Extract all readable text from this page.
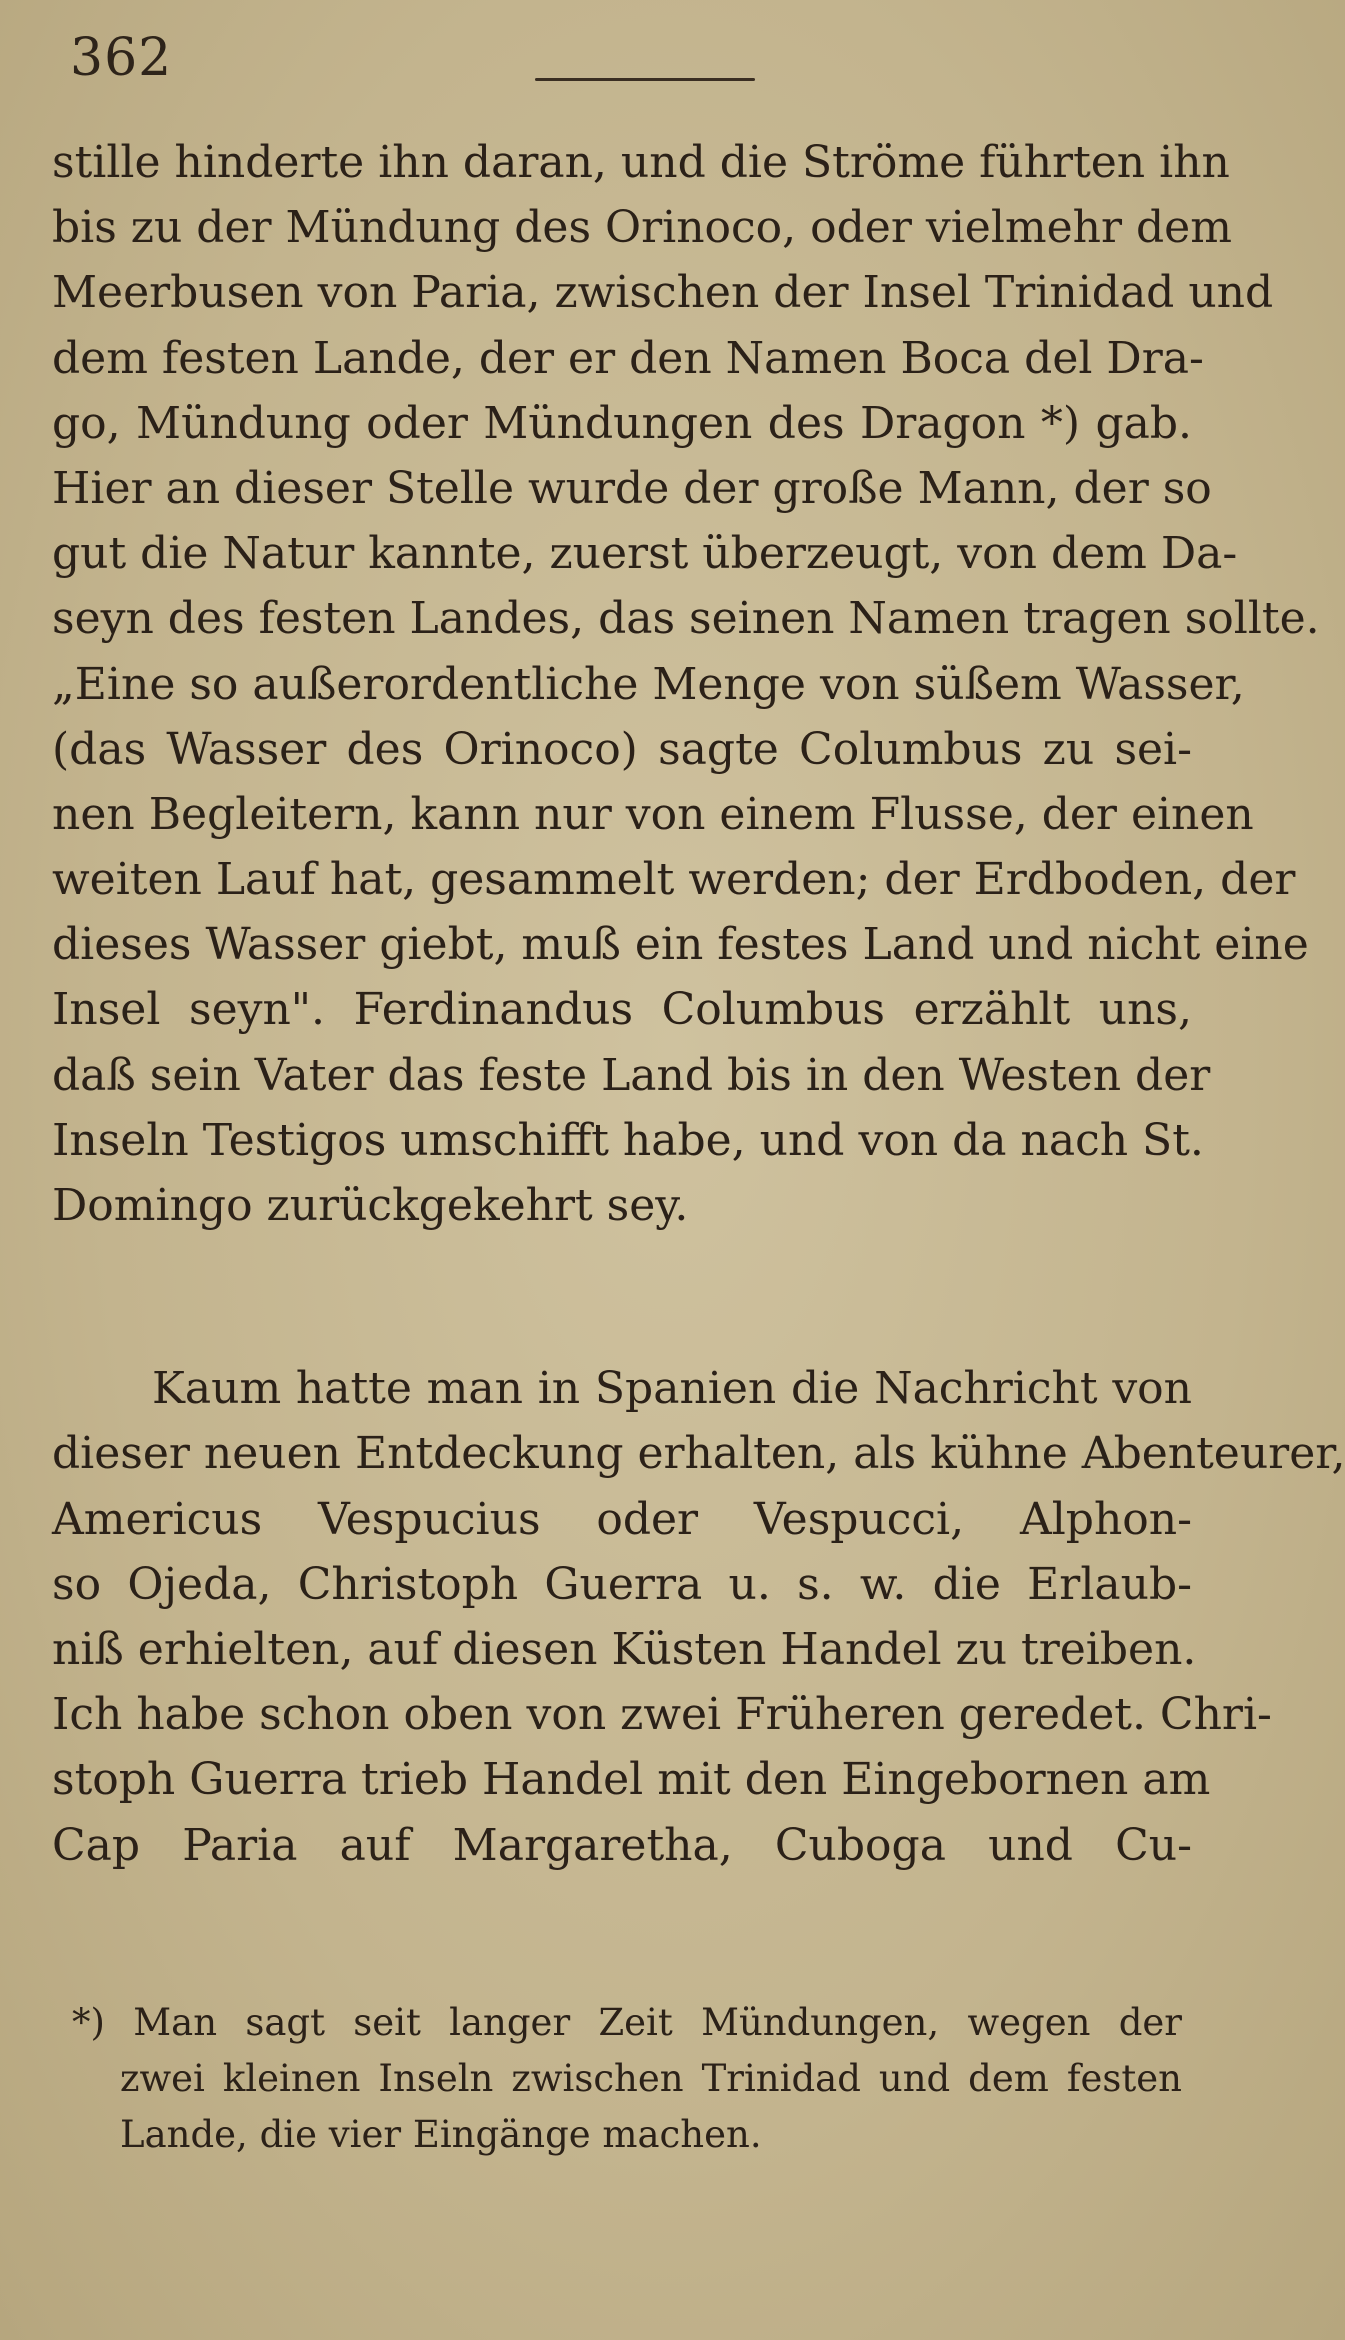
362
stille hinderte ihn daran, und die Ströme führten ihn
bis zu der Mündung des Orinoco, oder vielmehr dem
Meerbusen von Paria, zwischen der Insel Trinidad und
dem festen Lande, der er den Namen Boca del Dra-
go, Mündung oder Mündungen des Dragon *) gab.
Hier an dieser Stelle wurde der große Mann, der so
gut die Natur kannte, zuerst überzeugt, von dem Da-
seyn des festen Landes, das seinen Namen tragen sollte.
„Eine so außerordentliche Menge von süßem Wasser,
(das Wasser des Orinoco) sagte Columbus zu sei-
nen Begleitern, kann nur von einem Flusse, der einen
weiten Lauf hat, gesammelt werden; der Erdboden, der
dieses Wasser giebt, muß ein festes Land und nicht eine
Insel seyn". Ferdinandus Columbus erzählt uns,
daß sein Vater das feste Land bis in den Westen der
Inseln Testigos umschifft habe, und von da nach St.
Domingo zurückgekehrt sey.
Kaum hatte man in Spanien die Nachricht von
dieser neuen Entdeckung erhalten, als kühne Abenteurer,
Americus Vespucius oder Vespucci, Alphon-
so Ojeda, Christoph Guerra u. s. w. die Erlaub-
niß erhielten, auf diesen Küsten Handel zu treiben.
Ich habe schon oben von zwei Früheren geredet. Chri-
stoph Guerra trieb Handel mit den Eingebornen am
Cap Paria auf Margaretha, Cuboga und Cu-
*) Man sagt seit langer Zeit Mündungen, wegen der
zwei kleinen Inseln zwischen Trinidad und dem festen
Lande, die vier Eingänge machen.
